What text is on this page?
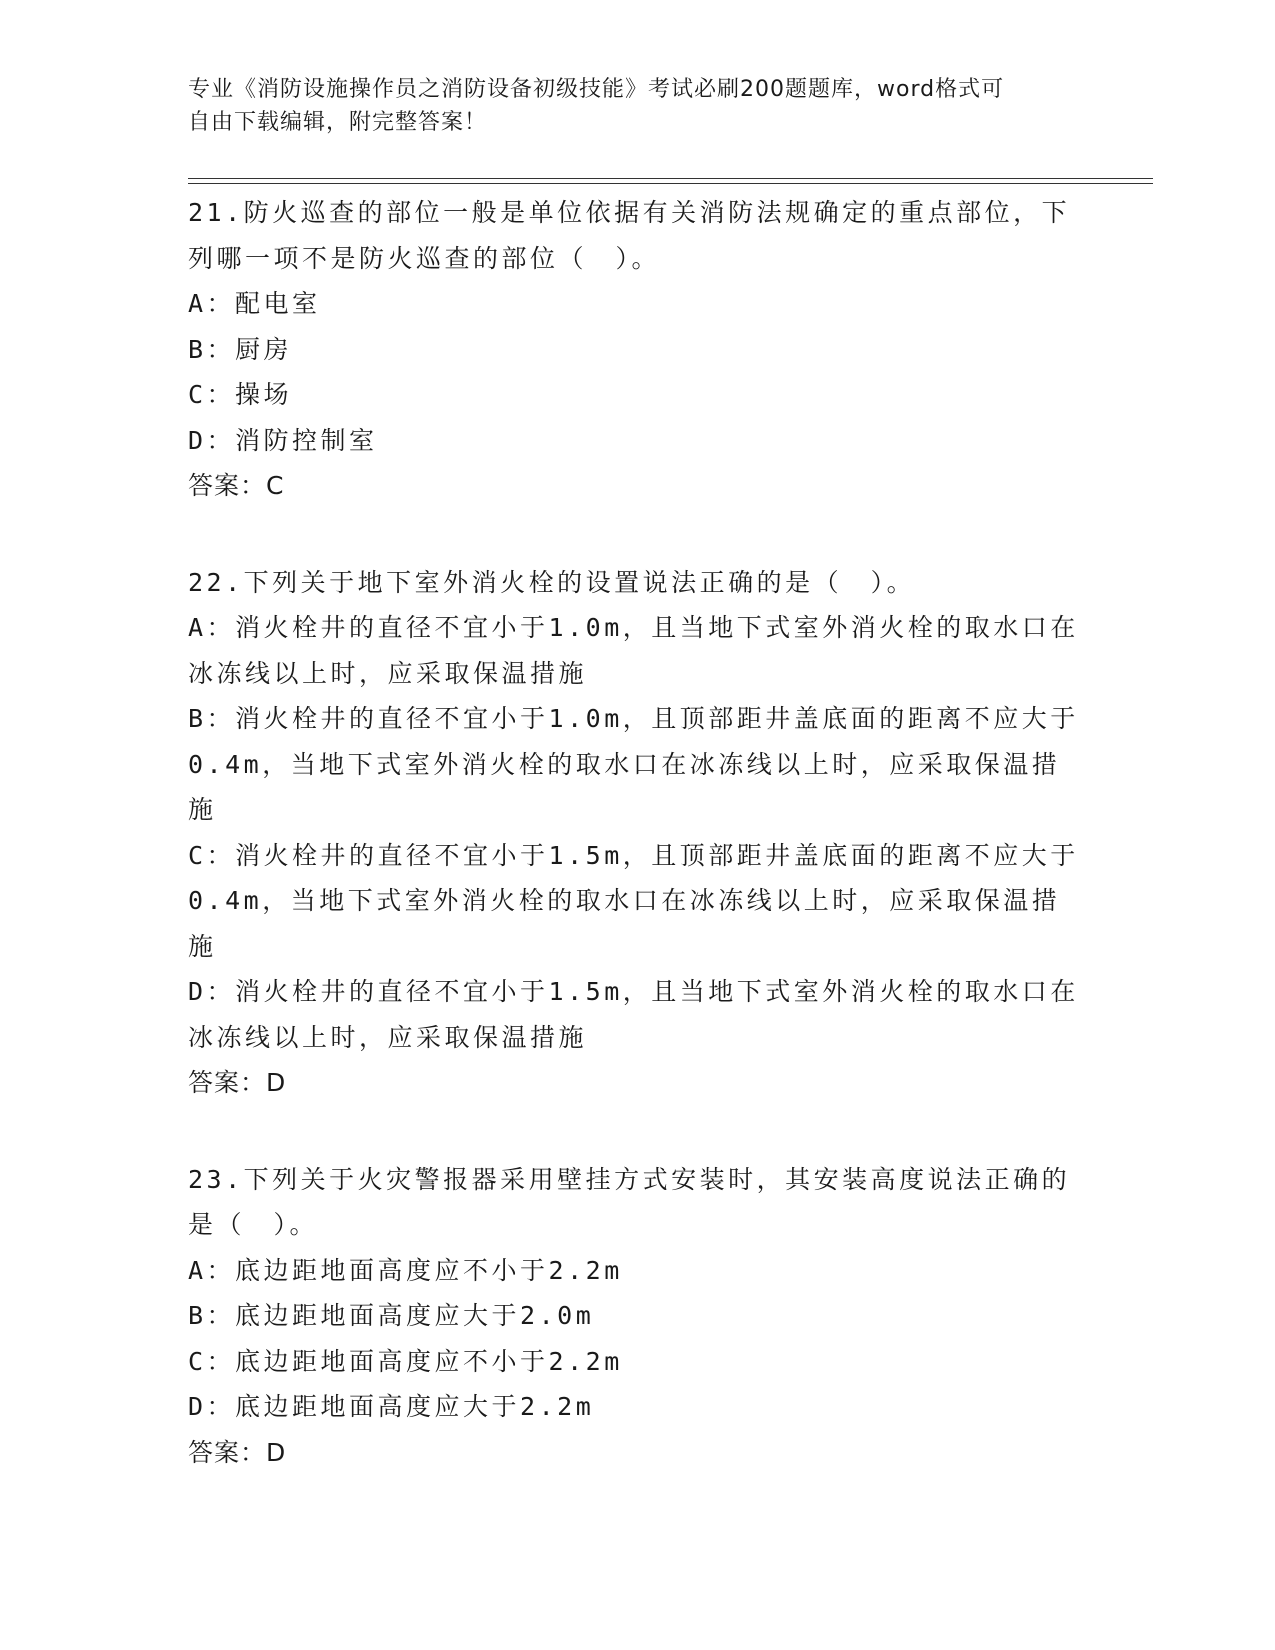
专业《消防设施操作员之消防设备初级技能》考试必刷200题题库，word格式可

自由下载编辑，附完整答案！

21.防火巡查的部位一般是单位依据有关消防法规确定的重点部位，下

列哪一项不是防火巡查的部位（　）。

A：配电室

B：厨房

C：操场

D：消防控制室

答案：C

22.下列关于地下室外消火栓的设置说法正确的是（　）。

A：消火栓井的直径不宜小于1.0m，且当地下式室外消火栓的取水口在

冰冻线以上时，应采取保温措施

B：消火栓井的直径不宜小于1.0m，且顶部距井盖底面的距离不应大于

0.4m，当地下式室外消火栓的取水口在冰冻线以上时，应采取保温措

施

C：消火栓井的直径不宜小于1.5m，且顶部距井盖底面的距离不应大于

0.4m，当地下式室外消火栓的取水口在冰冻线以上时，应采取保温措

施

D：消火栓井的直径不宜小于1.5m，且当地下式室外消火栓的取水口在

冰冻线以上时，应采取保温措施

答案：D

23.下列关于火灾警报器采用壁挂方式安装时，其安装高度说法正确的

是（　）。

A：底边距地面高度应不小于2.2m

B：底边距地面高度应大于2.0m

C：底边距地面高度应不小于2.2m

D：底边距地面高度应大于2.2m

答案：D
